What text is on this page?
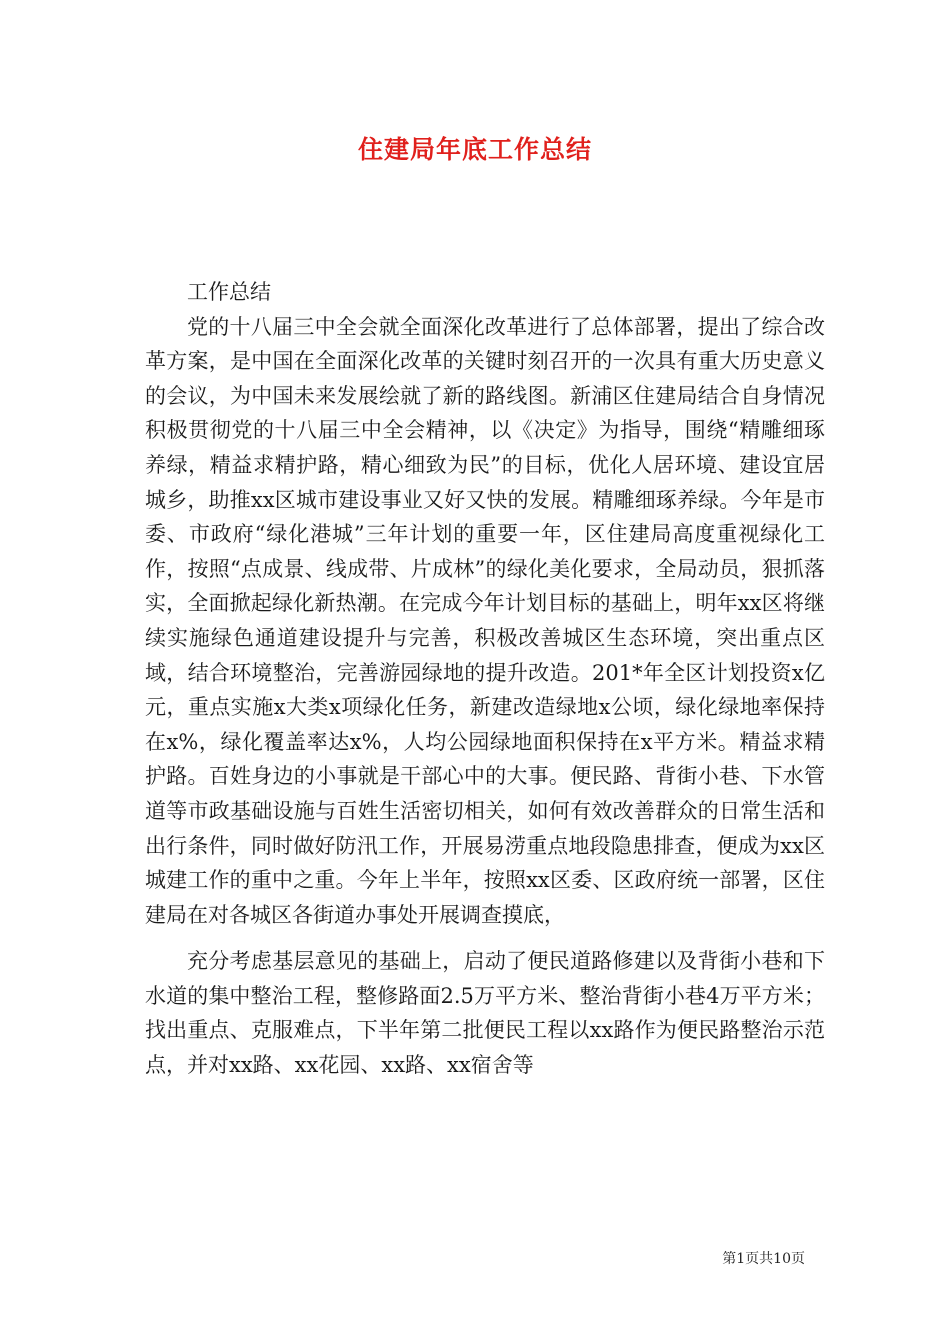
住建局年底工作总结

工作总结

党的十八届三中全会就全面深化改革进行了总体部署，提出了综合改革方案，是中国在全面深化改革的关键时刻召开的一次具有重大历史意义的会议，为中国未来发展绘就了新的路线图。新浦区住建局结合自身情况积极贯彻党的十八届三中全会精神，以《决定》为指导，围绕“精雕细琢养绿，精益求精护路，精心细致为民”的目标，优化人居环境、建设宜居城乡，助推xx区城市建设事业又好又快的发展。精雕细琢养绿。今年是市委、市政府“绿化港城”三年计划的重要一年，区住建局高度重视绿化工作，按照“点成景、线成带、片成林”的绿化美化要求，全局动员，狠抓落实，全面掀起绿化新热潮。在完成今年计划目标的基础上，明年xx区将继续实施绿色通道建设提升与完善，积极改善城区生态环境，突出重点区域，结合环境整治，完善游园绿地的提升改造。201*年全区计划投资x亿元，重点实施x大类x项绿化任务，新建改造绿地x公顷，绿化绿地率保持在x%，绿化覆盖率达x%，人均公园绿地面积保持在x平方米。精益求精护路。百姓身边的小事就是干部心中的大事。便民路、背街小巷、下水管道等市政基础设施与百姓生活密切相关，如何有效改善群众的日常生活和出行条件，同时做好防汛工作，开展易涝重点地段隐患排查，便成为xx区城建工作的重中之重。今年上半年，按照xx区委、区政府统一部署，区住建局在对各城区各街道办事处开展调查摸底，

充分考虑基层意见的基础上，启动了便民道路修建以及背街小巷和下水道的集中整治工程，整修路面2.5万平方米、整治背街小巷4万平方米；找出重点、克服难点，下半年第二批便民工程以xx路作为便民路整治示范点，并对xx路、xx花园、xx路、xx宿舍等

第1页共10页
